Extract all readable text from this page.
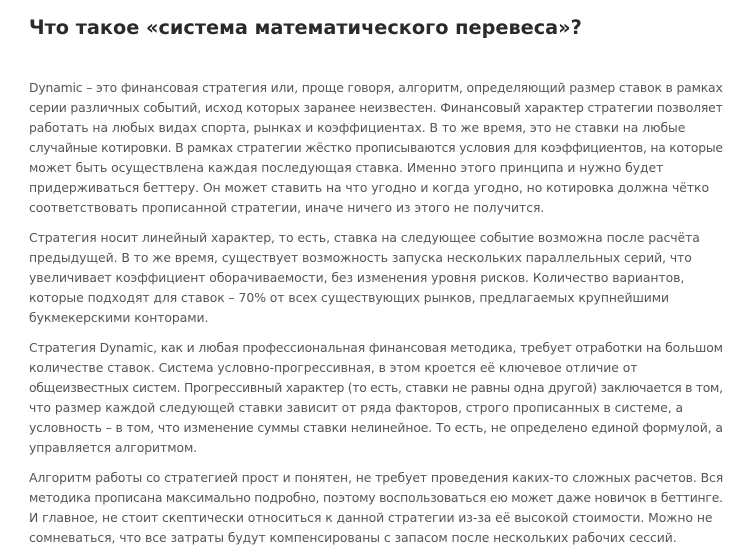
Что такое «система математического перевеса»?

Dynamic – это финансовая стратегия или, проще говоря, алгоритм, определяющий размер ставок в рамках
серии различных событий, исход которых заранее неизвестен. Финансовый характер стратегии позволяет
работать на любых видах спорта, рынках и коэффициентах. В то же время, это не ставки на любые
случайные котировки. В рамках стратегии жёстко прописываются условия для коэффициентов, на которые
может быть осуществлена каждая последующая ставка. Именно этого принципа и нужно будет
придерживаться беттеру. Он может ставить на что угодно и когда угодно, но котировка должна чётко
соответствовать прописанной стратегии, иначе ничего из этого не получится.

Стратегия носит линейный характер, то есть, ставка на следующее событие возможна после расчёта
предыдущей. В то же время, существует возможность запуска нескольких параллельных серий, что
увеличивает коэффициент оборачиваемости, без изменения уровня рисков. Количество вариантов,
которые подходят для ставок – 70% от всех существующих рынков, предлагаемых крупнейшими
букмекерскими конторами.

Стратегия Dynamic, как и любая профессиональная финансовая методика, требует отработки на большом
количестве ставок. Система условно-прогрессивная, в этом кроется её ключевое отличие от
общеизвестных систем. Прогрессивный характер (то есть, ставки не равны одна другой) заключается в том,
что размер каждой следующей ставки зависит от ряда факторов, строго прописанных в системе, а
условность – в том, что изменение суммы ставки нелинейное. То есть, не определено единой формулой, а
управляется алгоритмом.

Алгоритм работы со стратегией прост и понятен, не требует проведения каких-то сложных расчетов. Вся
методика прописана максимально подробно, поэтому воспользоваться ею может даже новичок в беттинге.
И главное, не стоит скептически относиться к данной стратегии из-за её высокой стоимости. Можно не
сомневаться, что все затраты будут компенсированы с запасом после нескольких рабочих сессий.
